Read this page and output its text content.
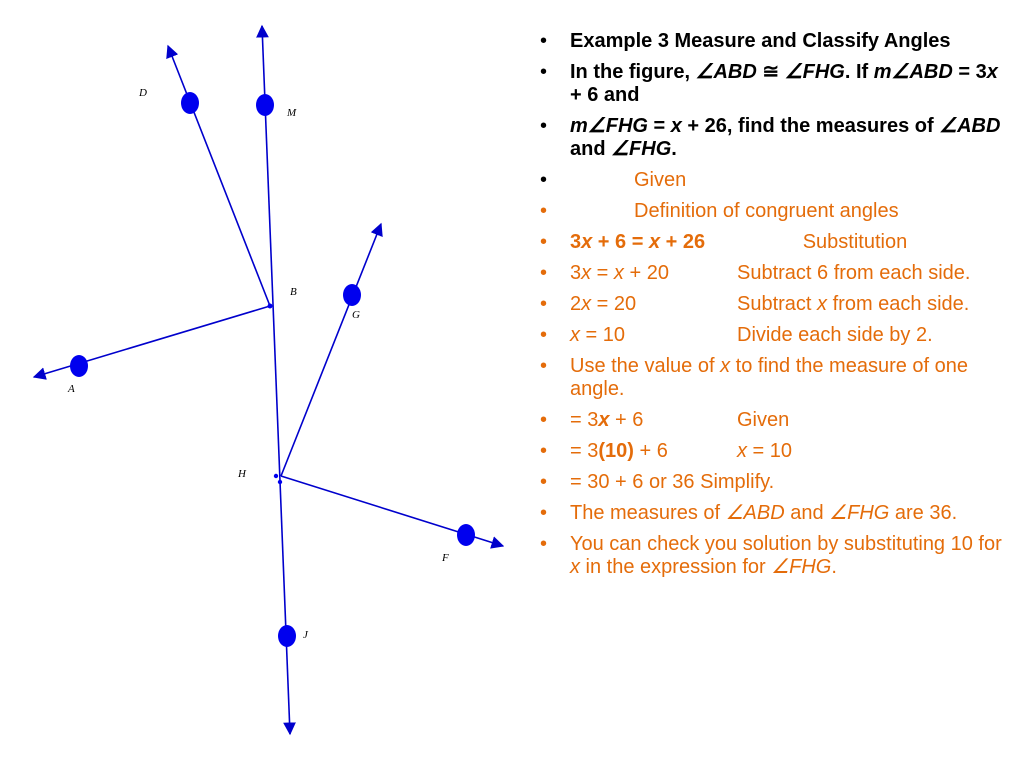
D
M
B
G
A
H
F
J
• Example 3 Measure and Classify Angles
• In the figure, ∠ABD ≅ ∠FHG. If m∠ABD = 3x + 6 and
• m∠FHG = x + 26, find the measures of ∠ABD and ∠FHG.
•	Given
•	Definition of congruent angles
• 3x + 6 = x + 26	Substitution
• 3x = x + 20	Subtract 6 from each side.
• 2x = 20	Subtract x from each side.
• x = 10	Divide each side by 2.
• Use the value of x to find the measure of one angle.
• = 3x + 6	Given
• = 3(10) + 6	x = 10
• = 30 + 6 or 36 Simplify.
• The measures of ∠ABD and ∠FHG are 36.
• You can check you solution by substituting 10 for x in the expression for ∠FHG.
